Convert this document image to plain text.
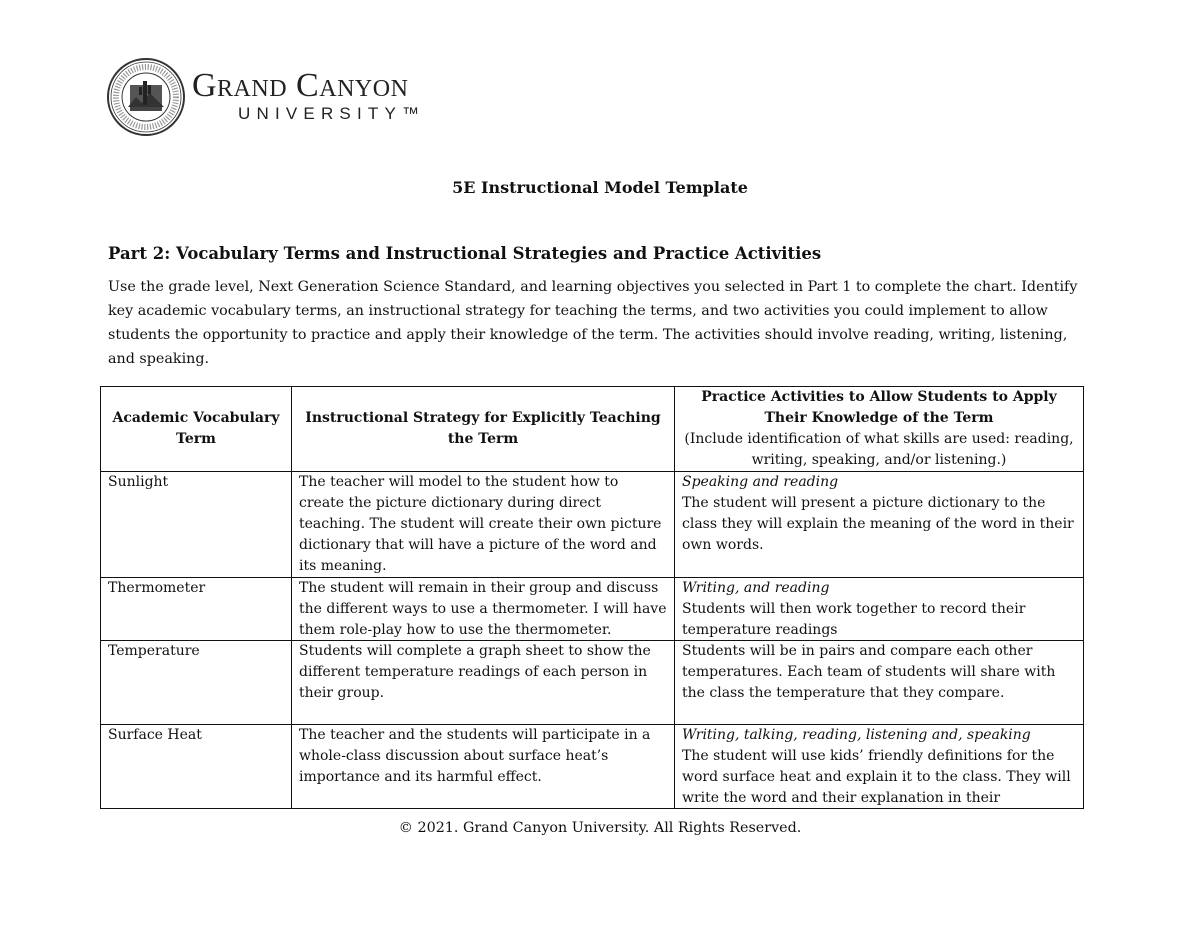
Grand Canyon
UNIVERSITY™
5E Instructional Model Template
Part 2: Vocabulary Terms and Instructional Strategies and Practice Activities
Use the grade level, Next Generation Science Standard, and learning objectives you selected in Part 1 to complete the chart. Identify key academic vocabulary terms, an instructional strategy for teaching the terms, and two activities you could implement to allow students the opportunity to practice and apply their knowledge of the term. The activities should involve reading, writing, listening, and speaking.
Academic Vocabulary Term	Instructional Strategy for Explicitly Teaching the Term	Practice Activities to Allow Students to Apply Their Knowledge of the Term
(Include identification of what skills are used: reading, writing, speaking, and/or listening.)
Sunlight	The teacher will model to the student how to create the picture dictionary during direct teaching. The student will create their own picture dictionary that will have a picture of the word and its meaning.	Speaking and reading
The student will present a picture dictionary to the class they will explain the meaning of the word in their own words.
Thermometer	The student will remain in their group and discuss the different ways to use a thermometer. I will have them role-play how to use the thermometer.	Writing, and reading
Students will then work together to record their temperature readings

Temperature	Students will complete a graph sheet to show the different temperature readings of each person in their group.	Students will be in pairs and compare each other temperatures. Each team of students will share with the class the temperature that they compare.
Surface Heat	The teacher and the students will participate in a whole-class discussion about surface heat’s importance and its harmful effect.	Writing, talking, reading, listening and, speaking
The student will use kids’ friendly definitions for the word surface heat and explain it to the class. They will write the word and their explanation in their
© 2021. Grand Canyon University. All Rights Reserved.
